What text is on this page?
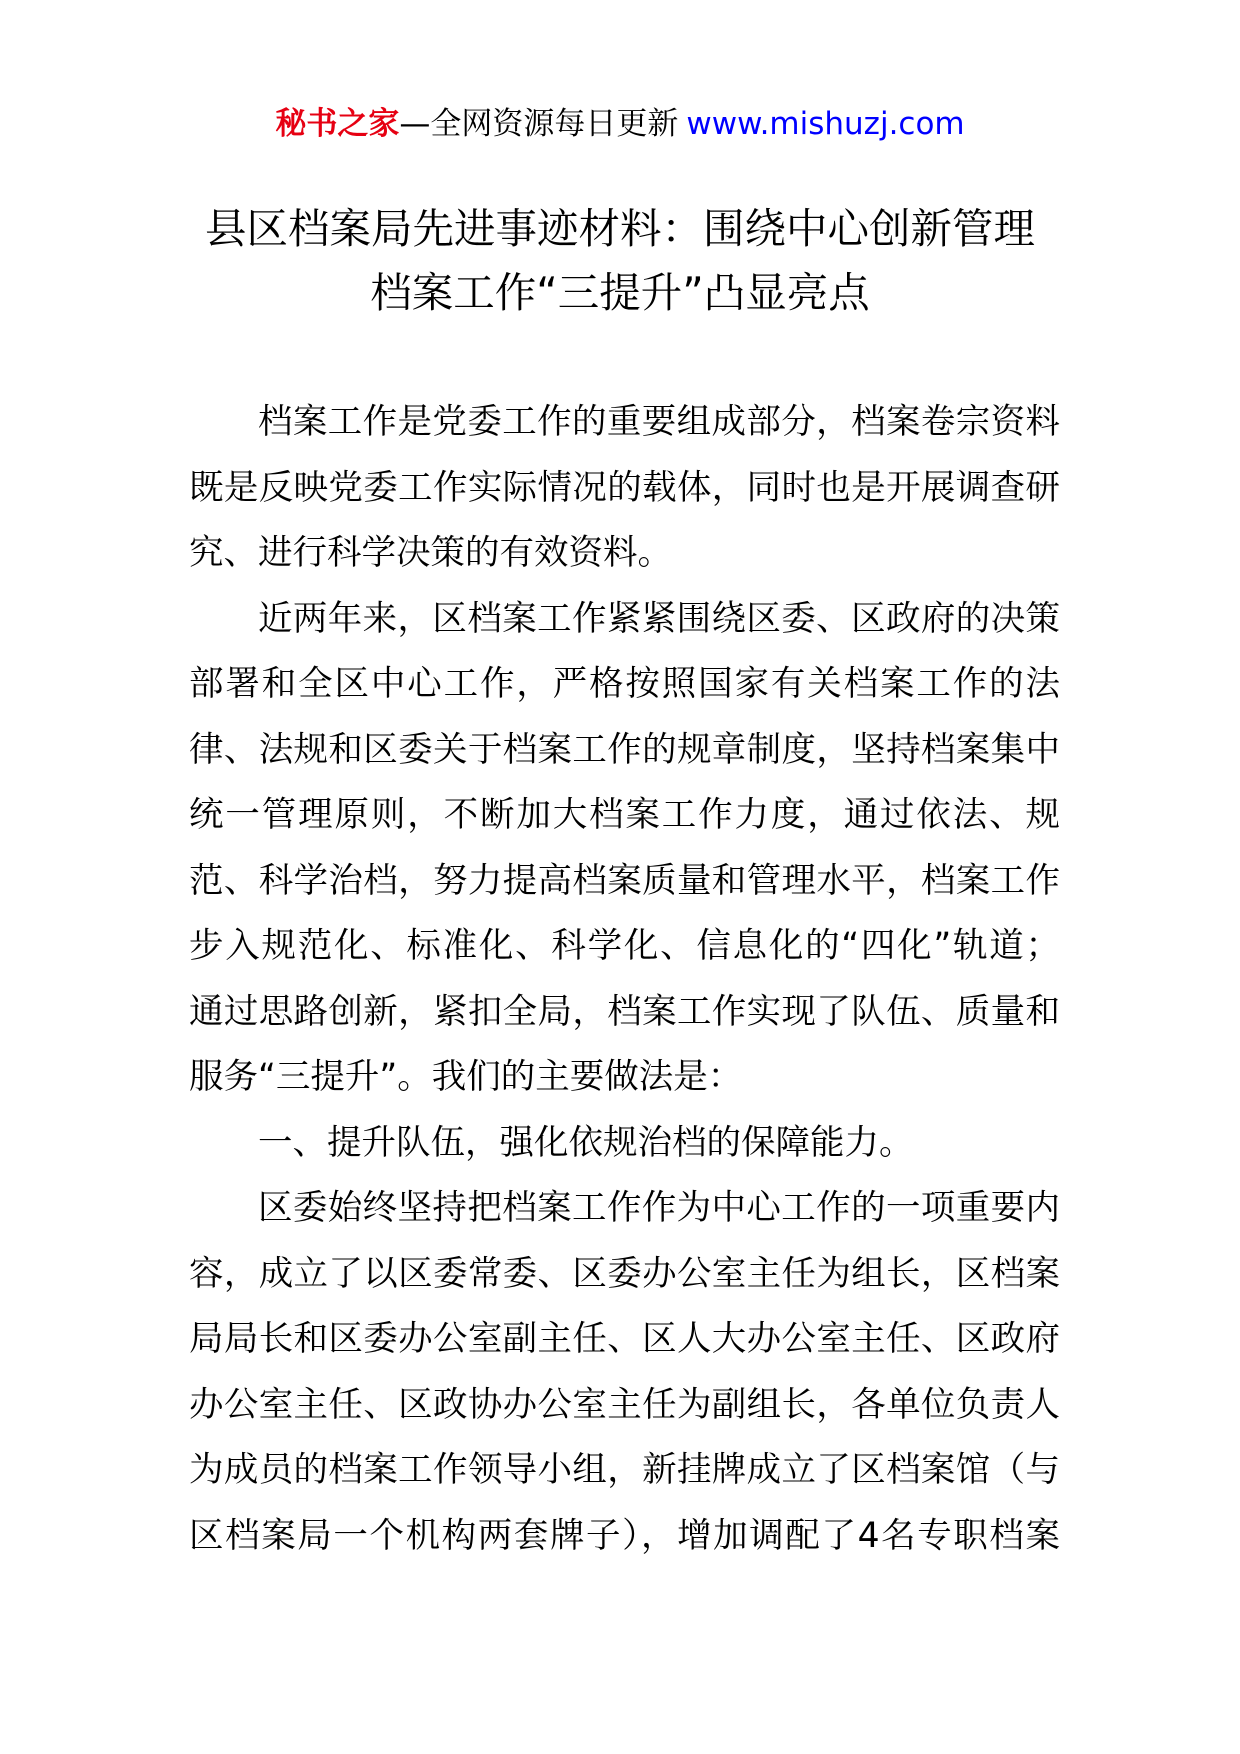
秘书之家—全网资源每日更新 www.mishuzj.com
县区档案局先进事迹材料：围绕中心创新管理
档案工作“三提升”凸显亮点
档案工作是党委工作的重要组成部分，档案卷宗资料
既是反映党委工作实际情况的载体，同时也是开展调查研
究、进行科学决策的有效资料。
近两年来，区档案工作紧紧围绕区委、区政府的决策
部署和全区中心工作，严格按照国家有关档案工作的法
律、法规和区委关于档案工作的规章制度，坚持档案集中
统一管理原则，不断加大档案工作力度，通过依法、规
范、科学治档，努力提高档案质量和管理水平，档案工作
步入规范化、标准化、科学化、信息化的“四化”轨道；
通过思路创新，紧扣全局，档案工作实现了队伍、质量和
服务“三提升”。我们的主要做法是：
一、提升队伍，强化依规治档的保障能力。
区委始终坚持把档案工作作为中心工作的一项重要内
容，成立了以区委常委、区委办公室主任为组长，区档案
局局长和区委办公室副主任、区人大办公室主任、区政府
办公室主任、区政协办公室主任为副组长，各单位负责人
为成员的档案工作领导小组，新挂牌成立了区档案馆（与
区档案局一个机构两套牌子），增加调配了4名专职档案
